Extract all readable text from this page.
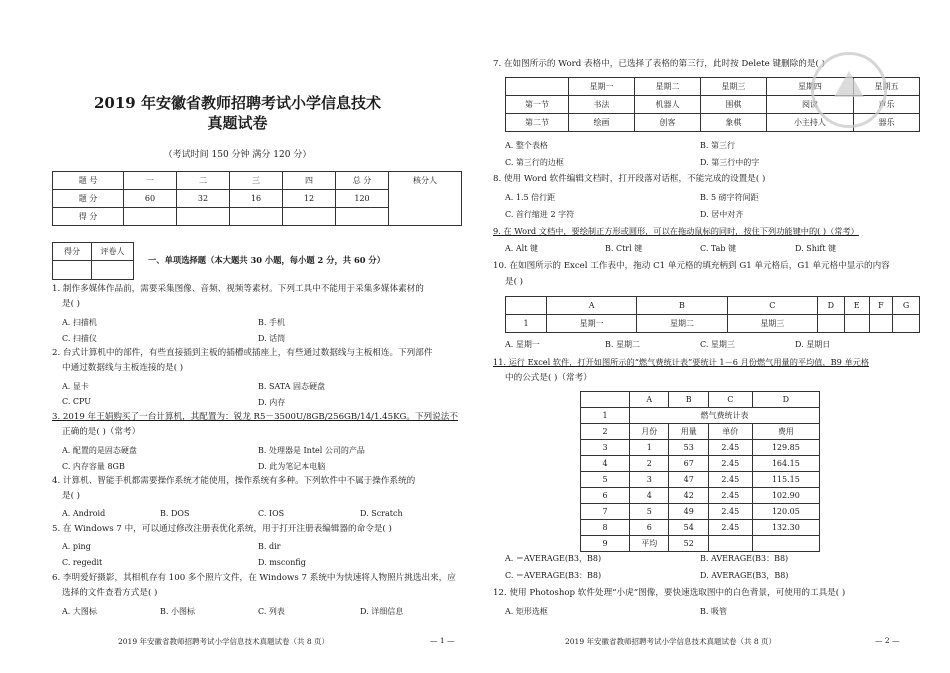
2019 年安徽省教师招聘考试小学信息技术
真题试卷
（考试时间 150 分钟 满分 120 分）
题 号	一	二	三	四	总 分	核分人
题 分	60	32	16	12	120	
得 分						
得分	评卷人

一、单项选择题（本大题共 30 小题，每小题 2 分，共 60 分）
1. 制作多媒体作品前，需要采集图像、音频、视频等素材。下列工具中不能用于采集多媒体素材的
是( )
A. 扫描机	B. 手机
C. 扫描仪	D. 话筒
2. 台式计算机中的部件，有些直接插到主板的插槽或插座上，有些通过数据线与主板相连。下列部件
中通过数据线与主板连接的是( )
A. 显卡	B. SATA 固态硬盘
C. CPU	D. 内存
3. 2019 年王娟购买了一台计算机，其配置为：锐龙 R5－3500U/8GB/256GB/14/1.45KG。下列说法不
正确的是( )（常考）
A. 配置的是固态硬盘	B. 处理器是 Intel 公司的产品
C. 内存容量 8GB	D. 此为笔记本电脑
4. 计算机、智能手机都需要操作系统才能使用，操作系统有多种。下列软件中不属于操作系统的
是( )
A. Android	B. DOS	C. IOS	D. Scratch
5. 在 Windows 7 中，可以通过修改注册表优化系统，用于打开注册表编辑器的命令是( )
A. ping	B. dir
C. regedit	D. msconfig
6. 李明爱好摄影，其相机存有 100 多个照片文件，在 Windows 7 系统中为快速将人物照片挑选出来，应
选择的文件查看方式是( )
A. 大图标	B. 小图标	C. 列表	D. 详细信息
2019 年安徽省教师招聘考试小学信息技术真题试卷（共 8 页）	— 1 —
7. 在如图所示的 Word 表格中，已选择了表格的第三行，此时按 Delete 键删除的是( )
	星期一	星期二	星期三	星期四	星期五
第一节	书法	机器人	围棋	阅读	声乐
第二节	绘画	创客	象棋	小主持人	器乐
A. 整个表格	B. 第三行
C. 第三行的边框	D. 第三行中的字
8. 使用 Word 软件编辑文档时，打开段落对话框，不能完成的设置是( )
A. 1.5 倍行距	B. 5 磅字符间距
C. 首行缩进 2 字符	D. 居中对齐
9. 在 Word 文档中，要绘制正方形或圆形，可以在拖动鼠标的同时，按住下列功能键中的( )（常考）
A. Alt 键	B. Ctrl 键	C. Tab 键	D. Shift 键
10. 在如图所示的 Excel 工作表中，拖动 C1 单元格的填充柄到 G1 单元格后，G1 单元格中显示的内容
是( )
	A	B	C	D	E	F	G
1	星期一	星期二	星期三				
A. 星期一	B. 星期二	C. 星期三	D. 星期日
11. 运行 Excel 软件，打开如图所示的“燃气费统计表”要统计 1－6 月份燃气用量的平均值，B9 单元格
中的公式是( )（常考）
	A	B	C	D
1	燃气费统计表			
2	月份	用量	单价	费用
3	1	53	2.45	129.85
4	2	67	2.45	164.15
5	3	47	2.45	115.15
6	4	42	2.45	102.90
7	5	49	2.45	120.05
8	6	54	2.45	132.30
9	平均	52		
A. ＝AVERAGE(B3，B8)	B. AVERAGE(B3：B8)
C. ＝AVERAGE(B3：B8)	D. AVERAGE(B3，B8)
12. 使用 Photoshop 软件处理“小虎”图像，要快速选取图中的白色背景，可使用的工具是( )
A. 矩形选框	B. 吸管
2019 年安徽省教师招聘考试小学信息技术真题试卷（共 8 页）	— 2 —
